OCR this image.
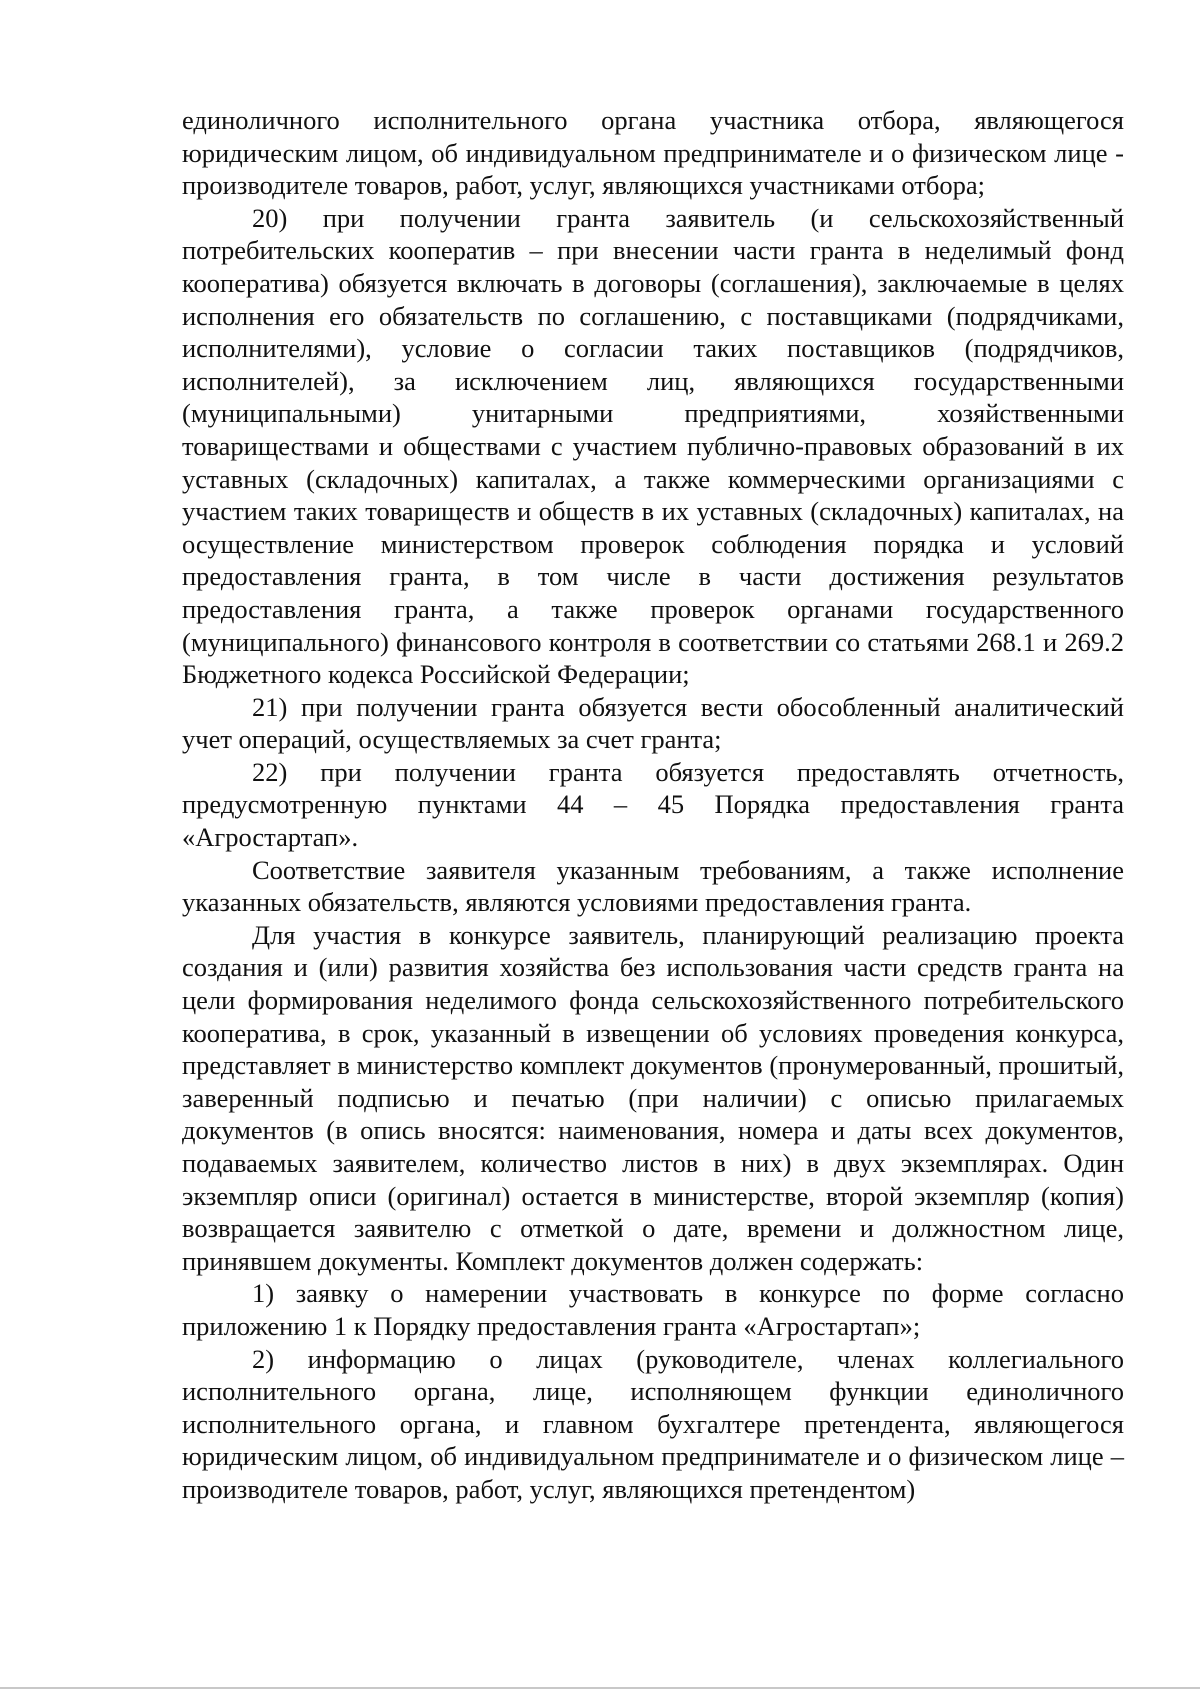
единоличного исполнительного органа участника отбора, являющегося юридическим лицом, об индивидуальном предпринимателе и о физическом лице - производителе товаров, работ, услуг, являющихся участниками отбора;

20) при получении гранта заявитель (и сельскохозяйственный потребительских кооператив – при внесении части гранта в неделимый фонд кооператива) обязуется включать в договоры (соглашения), заключаемые в целях исполнения его обязательств по соглашению, с поставщиками (подрядчиками, исполнителями), условие о согласии таких поставщиков (подрядчиков, исполнителей), за исключением лиц, являющихся государственными (муниципальными) унитарными предприятиями, хозяйственными товариществами и обществами с участием публично-правовых образований в их уставных (складочных) капиталах, а также коммерческими организациями с участием таких товариществ и обществ в их уставных (складочных) капиталах, на осуществление министерством проверок соблюдения порядка и условий предоставления гранта, в том числе в части достижения результатов предоставления гранта, а также проверок органами государственного (муниципального) финансового контроля в соответствии со статьями 268.1 и 269.2 Бюджетного кодекса Российской Федерации;

21) при получении гранта обязуется вести обособленный аналитический учет операций, осуществляемых за счет гранта;

22) при получении гранта обязуется предоставлять отчетность, предусмотренную пунктами 44 – 45 Порядка предоставления гранта «Агростартап».

Соответствие заявителя указанным требованиям, а также исполнение указанных обязательств, являются условиями предоставления гранта.

Для участия в конкурсе заявитель, планирующий реализацию проекта создания и (или) развития хозяйства без использования части средств гранта на цели формирования неделимого фонда сельскохозяйственного потребительского кооператива, в срок, указанный в извещении об условиях проведения конкурса, представляет в министерство комплект документов (пронумерованный, прошитый, заверенный подписью и печатью (при наличии) с описью прилагаемых документов (в опись вносятся: наименования, номера и даты всех документов, подаваемых заявителем, количество листов в них) в двух экземплярах. Один экземпляр описи (оригинал) остается в министерстве, второй экземпляр (копия) возвращается заявителю с отметкой о дате, времени и должностном лице, принявшем документы. Комплект документов должен содержать:

1) заявку о намерении участвовать в конкурсе по форме согласно приложению 1 к Порядку предоставления гранта «Агростартап»;

2) информацию о лицах (руководителе, членах коллегиального исполнительного органа, лице, исполняющем функции единоличного исполнительного органа, и главном бухгалтере претендента, являющегося юридическим лицом, об индивидуальном предпринимателе и о физическом лице – производителе товаров, работ, услуг, являющихся претендентом)
